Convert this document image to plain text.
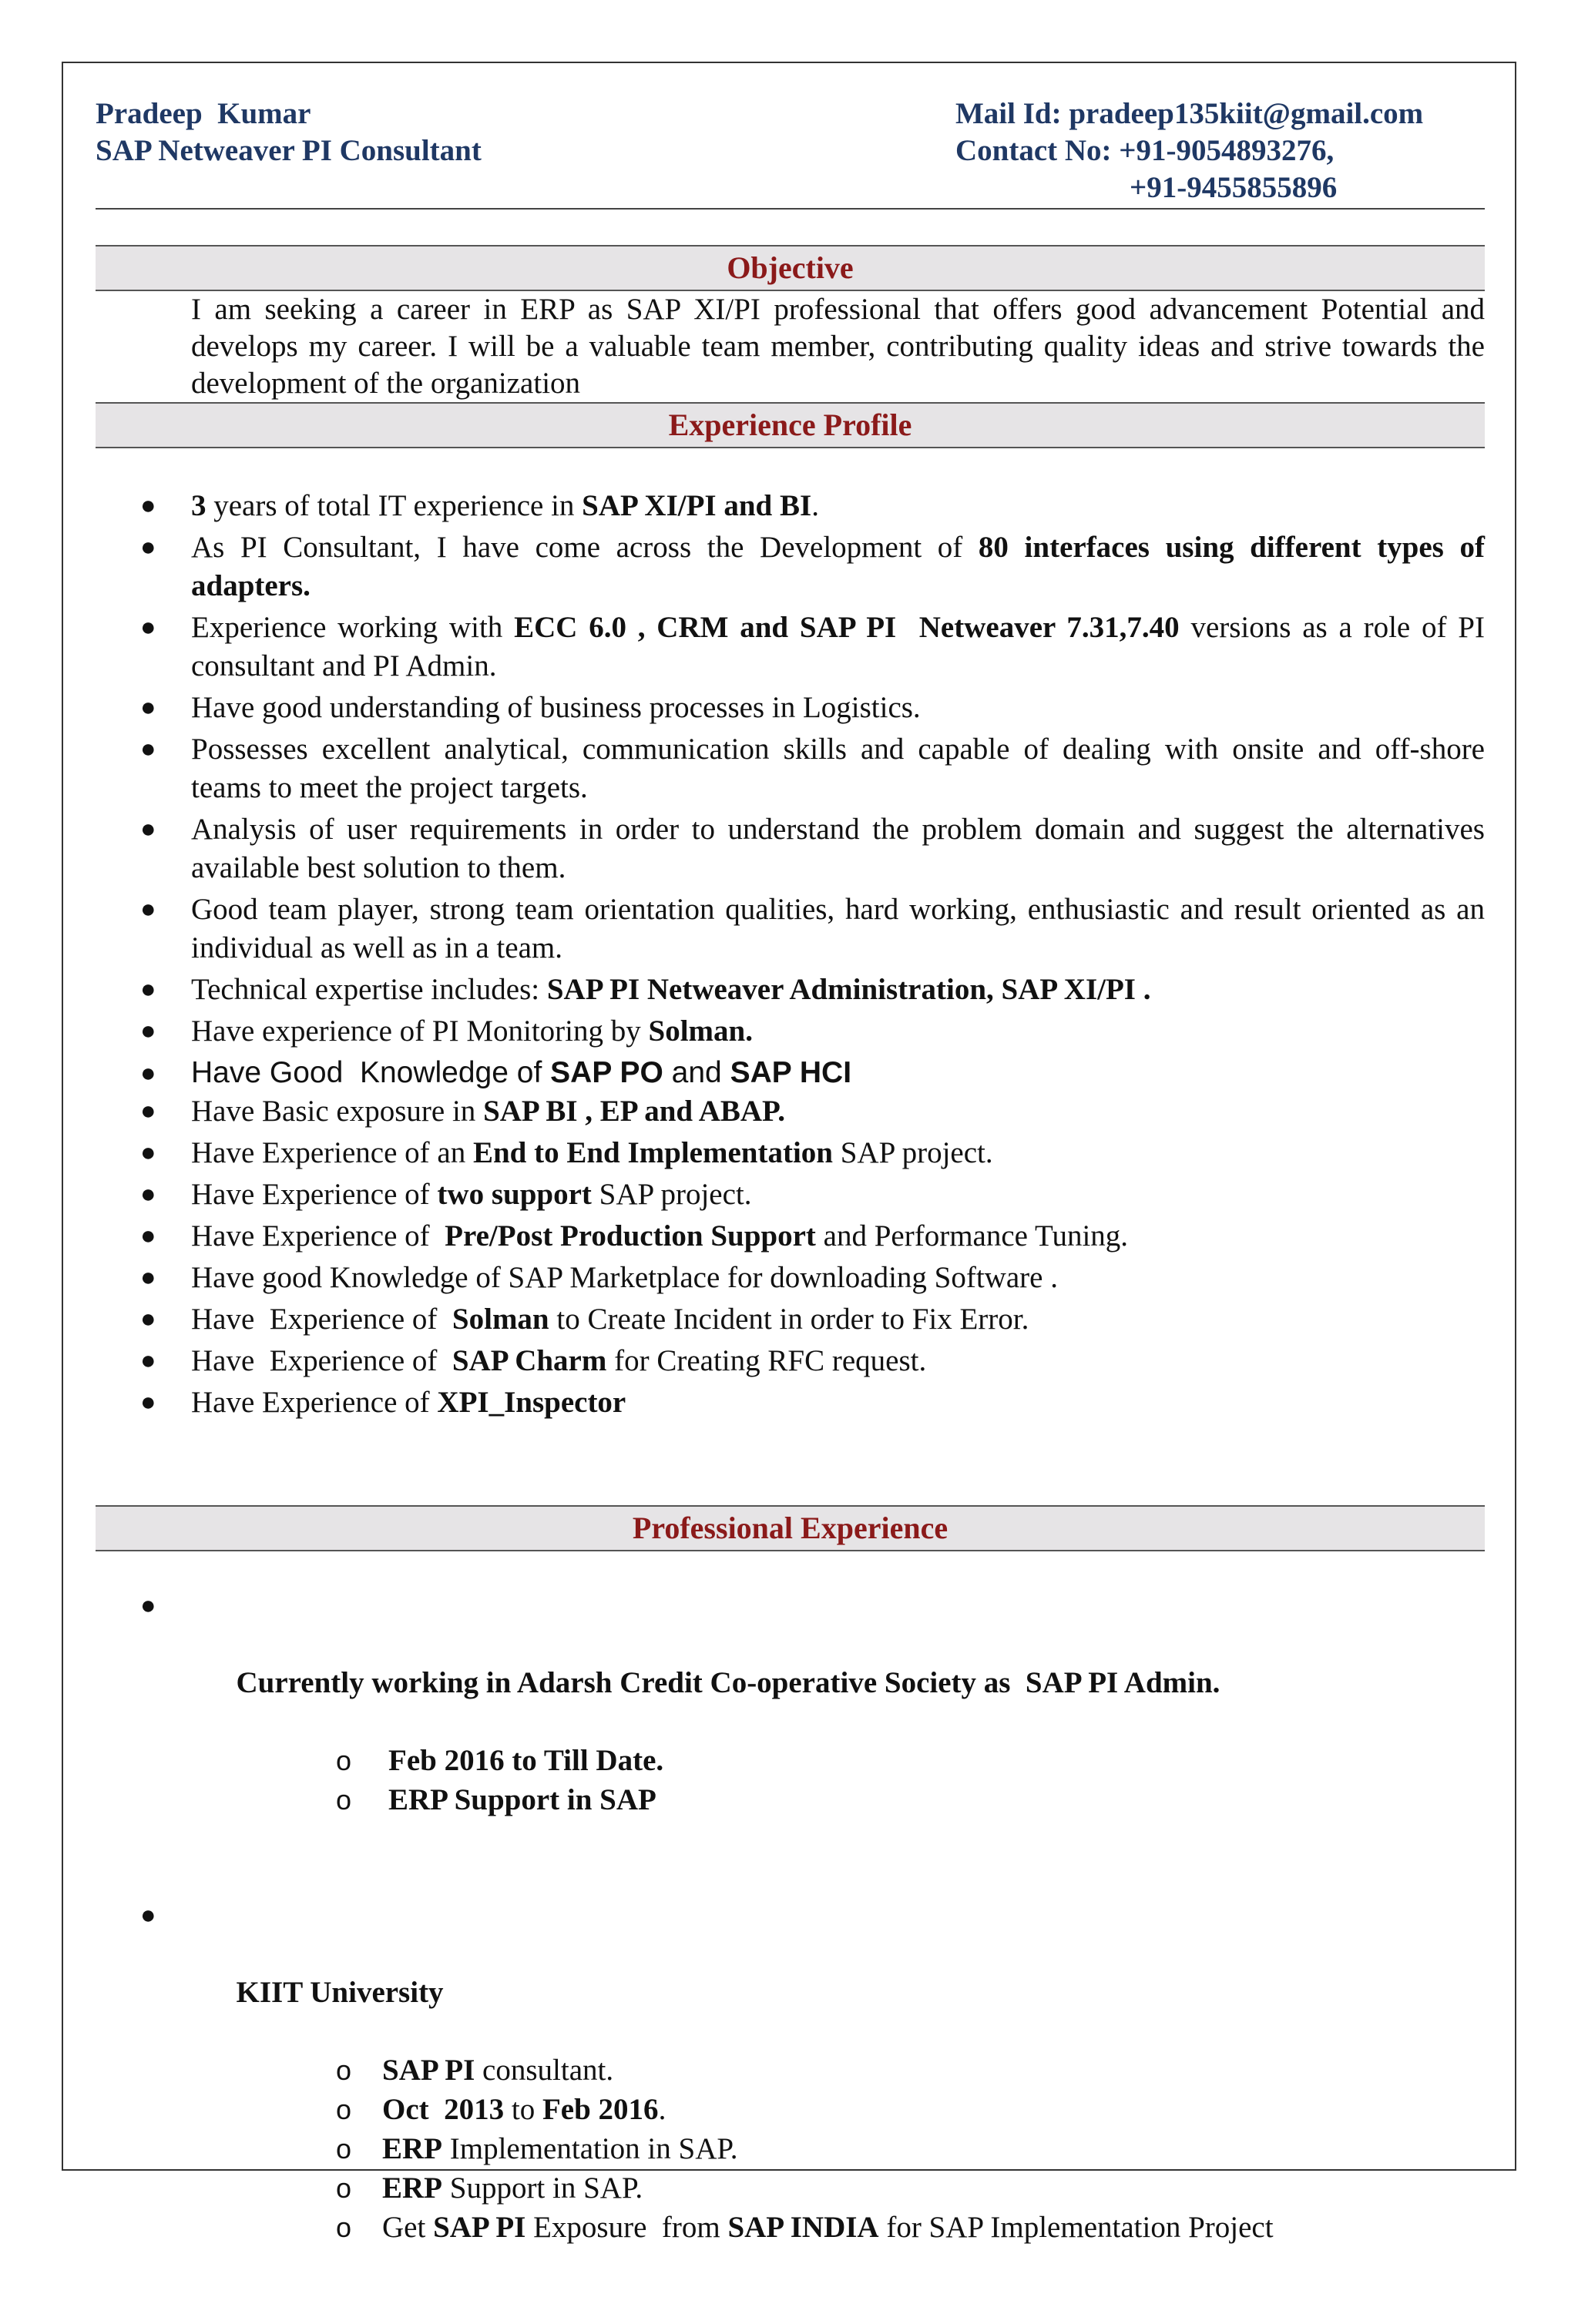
Pradeep  Kumar
SAP Netweaver PI Consultant
Mail Id: pradeep135kiit@gmail.com
Contact No: +91-9054893276,
+91-9455855896
Objective
I am seeking a career in ERP as SAP XI/PI professional that offers good advancement Potential and develops my career. I will be a valuable team member, contributing quality ideas and strive towards the development of the organization
Experience Profile
● 3 years of total IT experience in SAP XI/PI and BI.
● As PI Consultant, I have come across the Development of 80 interfaces using different types of adapters.
● Experience working with ECC 6.0 , CRM and SAP PI  Netweaver 7.31,7.40 versions as a role of PI consultant and PI Admin.
● Have good understanding of business processes in Logistics.
● Possesses excellent analytical, communication skills and capable of dealing with onsite and off-shore teams to meet the project targets.
● Analysis of user requirements in order to understand the problem domain and suggest the alternatives available best solution to them.
● Good team player, strong team orientation qualities, hard working, enthusiastic and result oriented as an individual as well as in a team.
● Technical expertise includes: SAP PI Netweaver Administration, SAP XI/PI .
● Have experience of PI Monitoring by Solman.
● Have Good  Knowledge of SAP PO and SAP HCI
● Have Basic exposure in SAP BI , EP and ABAP.
● Have Experience of an End to End Implementation SAP project.
● Have Experience of two support SAP project.
● Have Experience of  Pre/Post Production Support and Performance Tuning.
● Have good Knowledge of SAP Marketplace for downloading Software .
● Have  Experience of  Solman to Create Incident in order to Fix Error.
● Have  Experience of  SAP Charm for Creating RFC request.
● Have Experience of XPI_Inspector
Professional Experience

●

Currently working in Adarsh Credit Co-operative Society as  SAP PI Admin.

o Feb 2016 to Till Date.
o ERP Support in SAP

●

KIIT University

o SAP PI consultant.
o Oct  2013 to Feb 2016.
o ERP Implementation in SAP.
o ERP Support in SAP.
o Get SAP PI Exposure  from SAP INDIA for SAP Implementation Project
